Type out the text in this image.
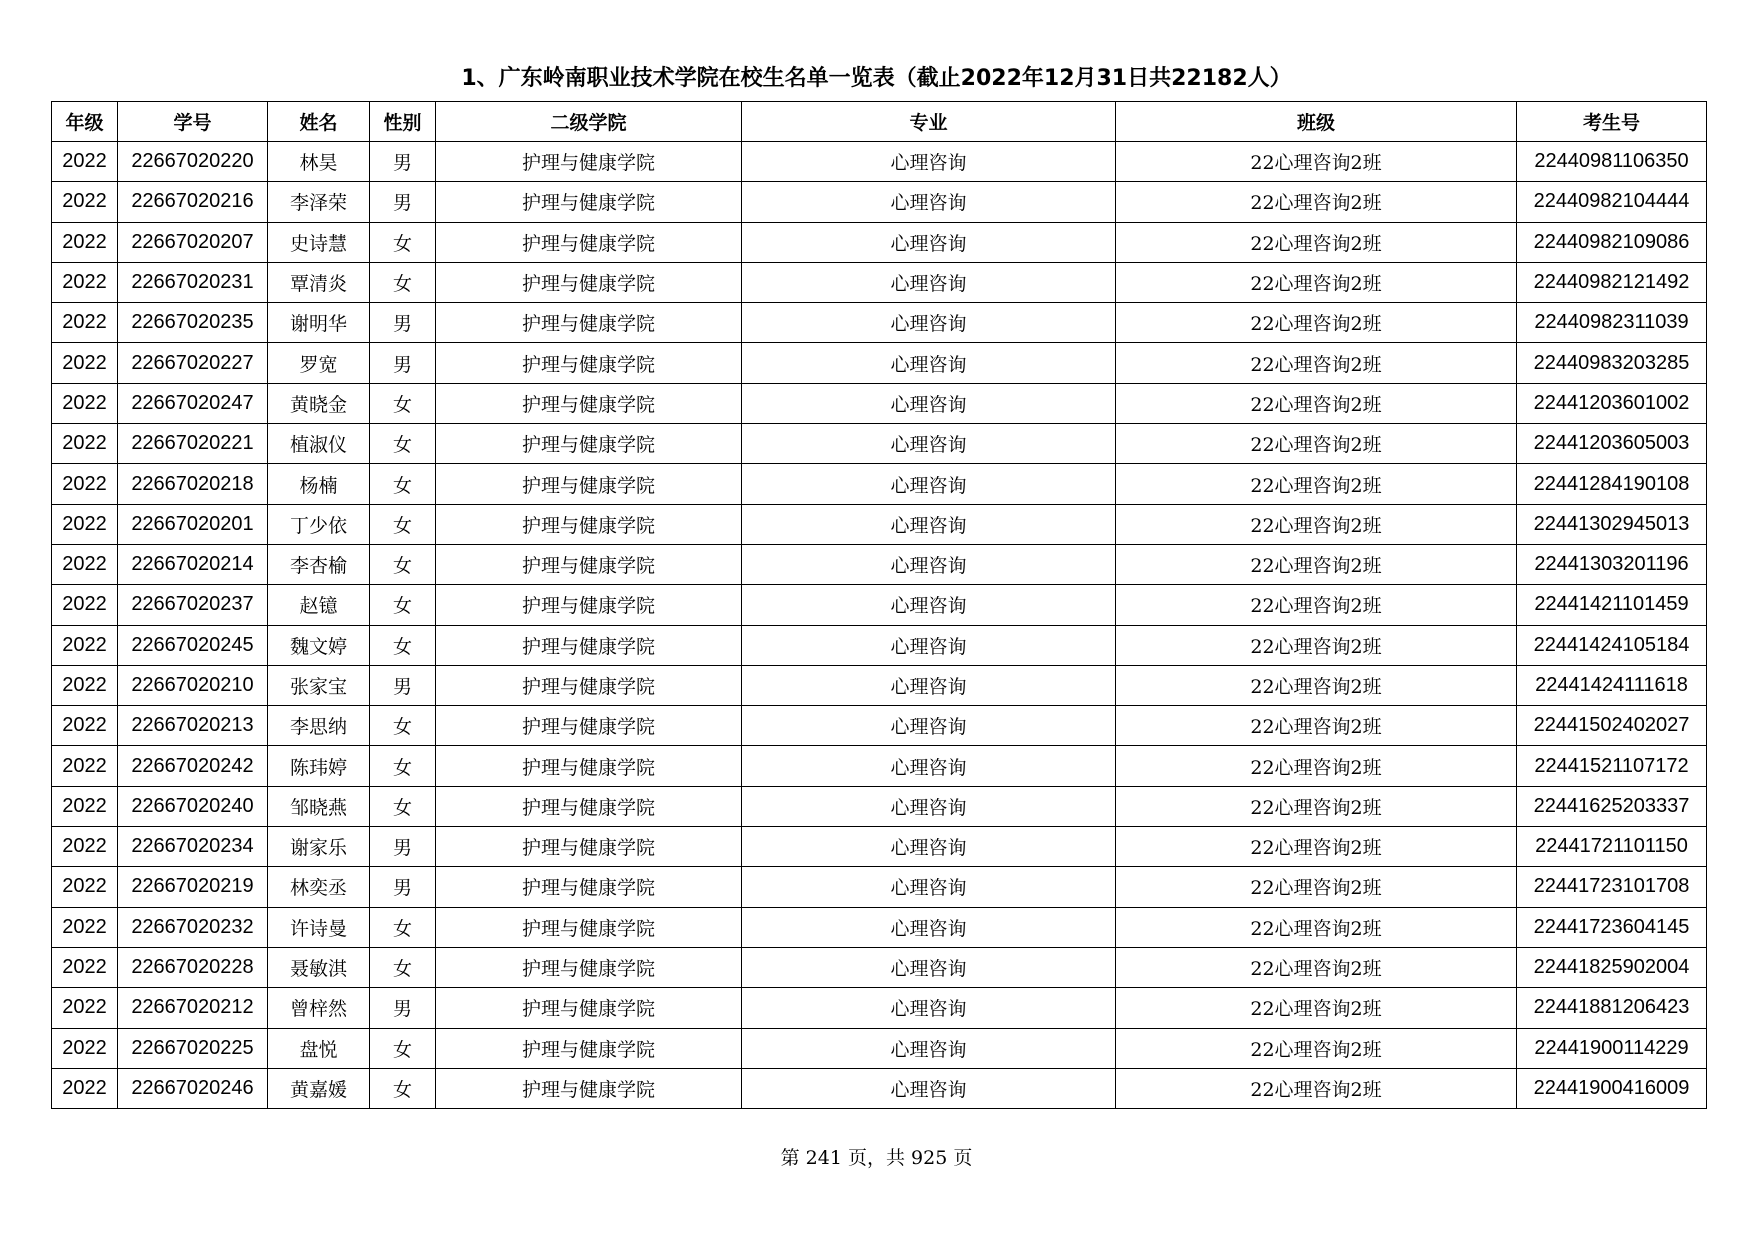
1、广东岭南职业技术学院在校生名单一览表（截止2022年12月31日共22182人）
年级	学号	姓名	性别	二级学院	专业	班级	考生号
2022	22667020220	林昊	男	护理与健康学院	心理咨询	22心理咨询2班	22440981106350
2022	22667020216	李泽荣	男	护理与健康学院	心理咨询	22心理咨询2班	22440982104444
2022	22667020207	史诗慧	女	护理与健康学院	心理咨询	22心理咨询2班	22440982109086
2022	22667020231	覃清炎	女	护理与健康学院	心理咨询	22心理咨询2班	22440982121492
2022	22667020235	谢明华	男	护理与健康学院	心理咨询	22心理咨询2班	22440982311039
2022	22667020227	罗宽	男	护理与健康学院	心理咨询	22心理咨询2班	22440983203285
2022	22667020247	黄晓金	女	护理与健康学院	心理咨询	22心理咨询2班	22441203601002
2022	22667020221	植淑仪	女	护理与健康学院	心理咨询	22心理咨询2班	22441203605003
2022	22667020218	杨楠	女	护理与健康学院	心理咨询	22心理咨询2班	22441284190108
2022	22667020201	丁少依	女	护理与健康学院	心理咨询	22心理咨询2班	22441302945013
2022	22667020214	李杏榆	女	护理与健康学院	心理咨询	22心理咨询2班	22441303201196
2022	22667020237	赵镱	女	护理与健康学院	心理咨询	22心理咨询2班	22441421101459
2022	22667020245	魏文婷	女	护理与健康学院	心理咨询	22心理咨询2班	22441424105184
2022	22667020210	张家宝	男	护理与健康学院	心理咨询	22心理咨询2班	22441424111618
2022	22667020213	李思纳	女	护理与健康学院	心理咨询	22心理咨询2班	22441502402027
2022	22667020242	陈玮婷	女	护理与健康学院	心理咨询	22心理咨询2班	22441521107172
2022	22667020240	邹晓燕	女	护理与健康学院	心理咨询	22心理咨询2班	22441625203337
2022	22667020234	谢家乐	男	护理与健康学院	心理咨询	22心理咨询2班	22441721101150
2022	22667020219	林奕丞	男	护理与健康学院	心理咨询	22心理咨询2班	22441723101708
2022	22667020232	许诗曼	女	护理与健康学院	心理咨询	22心理咨询2班	22441723604145
2022	22667020228	聂敏淇	女	护理与健康学院	心理咨询	22心理咨询2班	22441825902004
2022	22667020212	曾梓然	男	护理与健康学院	心理咨询	22心理咨询2班	22441881206423
2022	22667020225	盘悦	女	护理与健康学院	心理咨询	22心理咨询2班	22441900114229
2022	22667020246	黄嘉媛	女	护理与健康学院	心理咨询	22心理咨询2班	22441900416009
第 241 页，共 925 页
